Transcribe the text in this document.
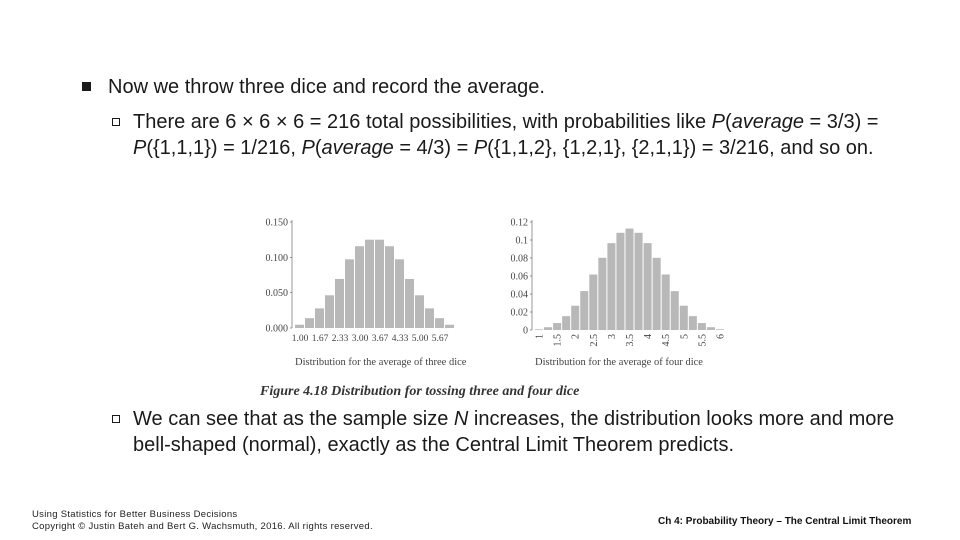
Now we throw three dice and record the average.
There are 6 × 6 × 6 = 216 total possibilities, with probabilities like P(average = 3/3) = P({1,1,1}) = 1/216, P(average = 4/3) = P({1,1,2}, {1,2,1}, {2,1,1}) = 3/216, and so on.
0.000
0.050
0.100
0.150
1.00 1.67 2.33 3.00 3.67 4.33 5.00 5.67
Distribution for the average of three dice
0
0.02
0.04
0.06
0.08
0.1
0.12
1 1.5 2 2.5 3 3.5 4 4.5 5 5.5 6
Distribution for the average of four dice
Figure 4.18 Distribution for tossing three and four dice
We can see that as the sample size N increases, the distribution looks more and more bell-shaped (normal), exactly as the Central Limit Theorem predicts.
Using Statistics for Better Business Decisions
Copyright © Justin Bateh and Bert G. Wachsmuth, 2016. All rights reserved.	Ch 4: Probability Theory – The Central Limit Theorem
